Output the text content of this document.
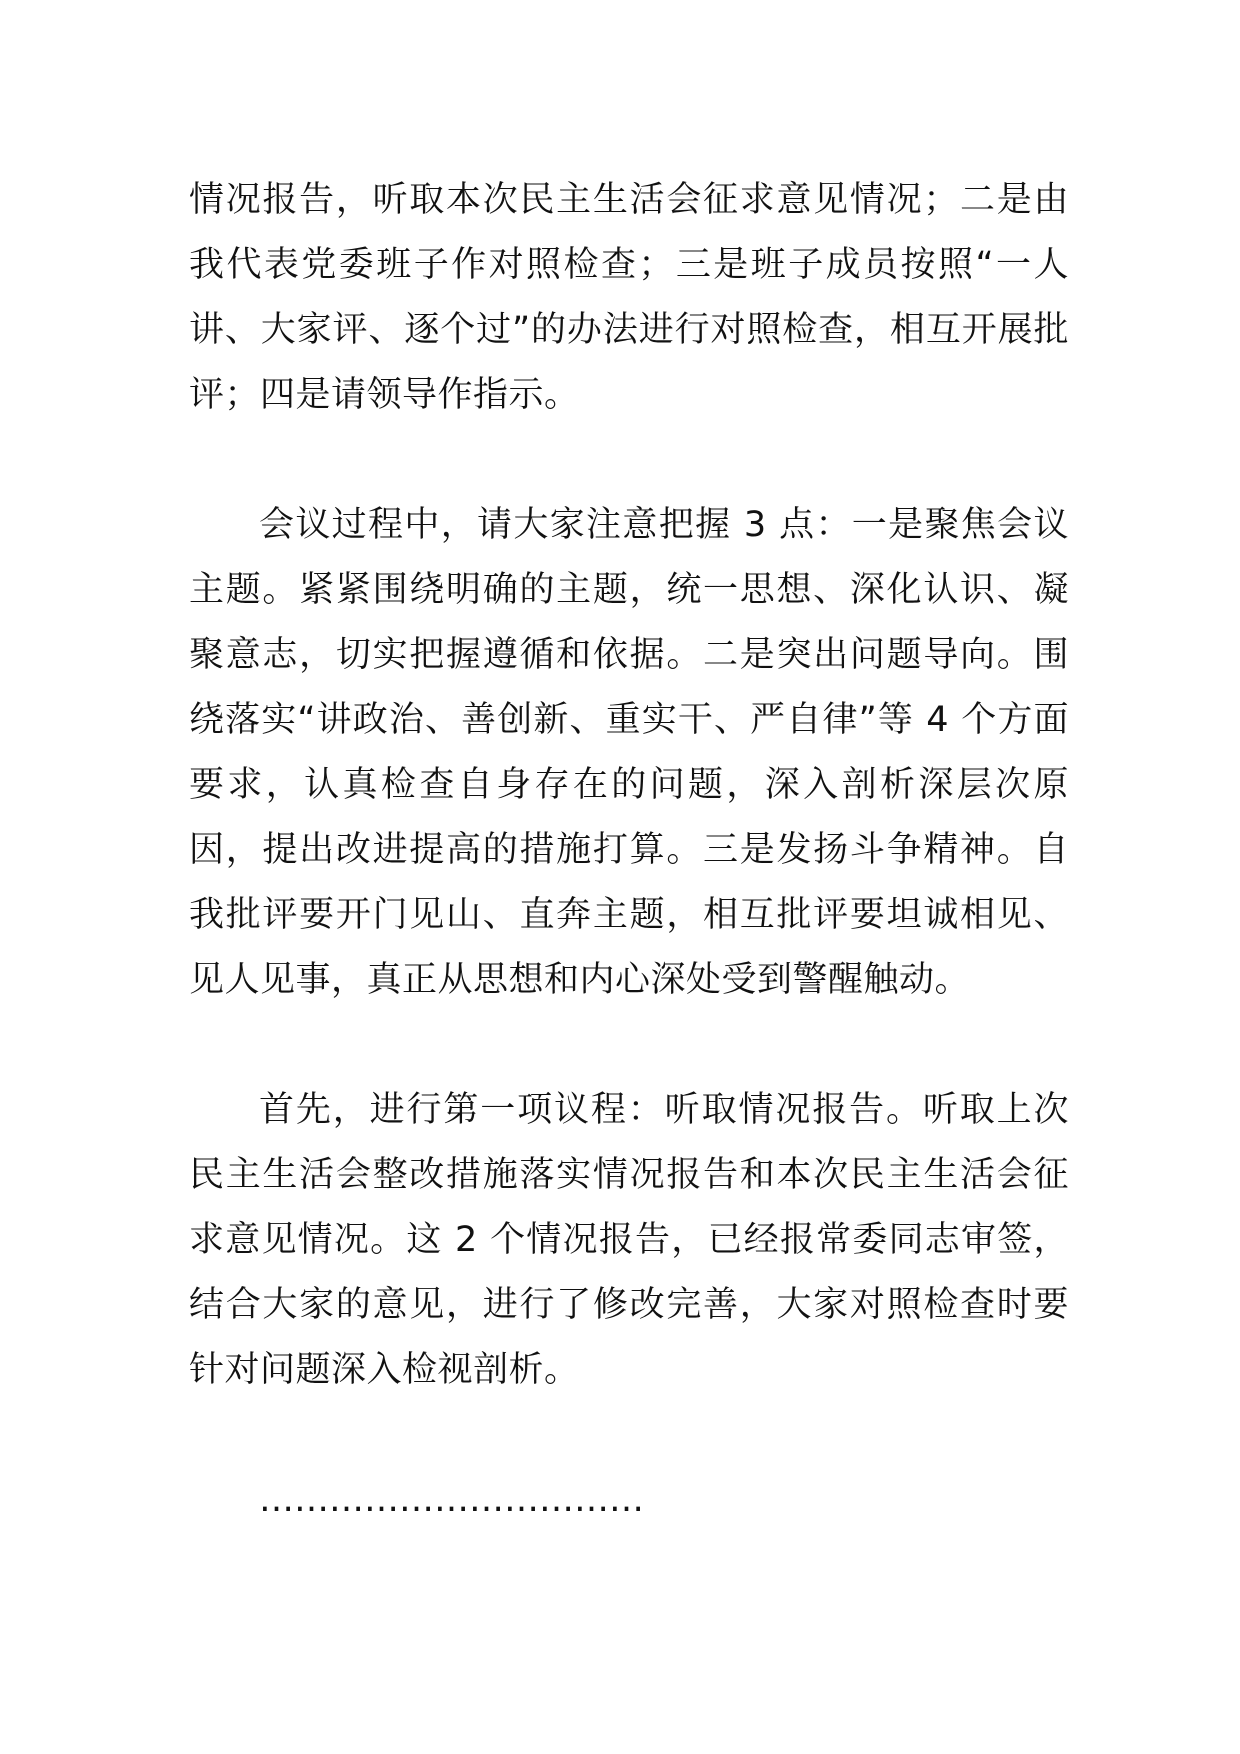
情况报告，听取本次民主生活会征求意见情况；二是由我代表党委班子作对照检查；三是班子成员按照“一人讲、大家评、逐个过”的办法进行对照检查，相互开展批评；四是请领导作指示。

会议过程中，请大家注意把握 3 点：一是聚焦会议主题。紧紧围绕明确的主题，统一思想、深化认识、凝聚意志，切实把握遵循和依据。二是突出问题导向。围绕落实“讲政治、善创新、重实干、严自律”等 4 个方面要求，认真检查自身存在的问题，深入剖析深层次原因，提出改进提高的措施打算。三是发扬斗争精神。自我批评要开门见山、直奔主题，相互批评要坦诚相见、见人见事，真正从思想和内心深处受到警醒触动。

首先，进行第一项议程：听取情况报告。听取上次民主生活会整改措施落实情况报告和本次民主生活会征求意见情况。这 2 个情况报告，已经报常委同志审签，结合大家的意见，进行了修改完善，大家对照检查时要针对问题深入检视剖析。

……………………………
